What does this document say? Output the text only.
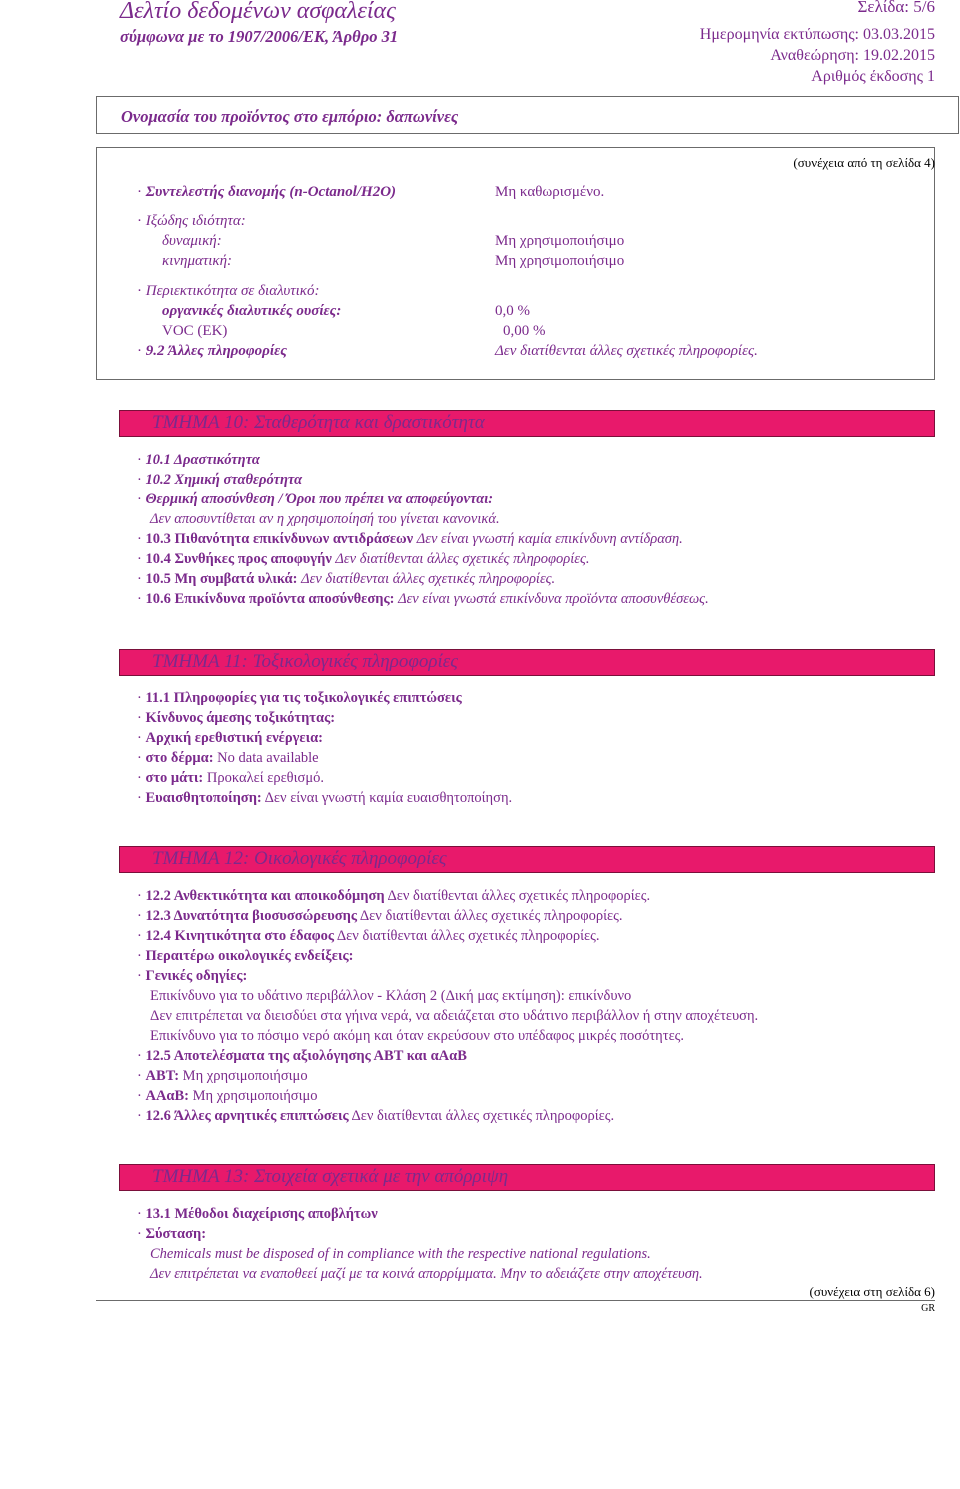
Δελτίο δεδομένων ασφαλείας
σύμφωνα με το 1907/2006/ΕΚ, Άρθρο 31
Σελίδα: 5/6
Ημερομηνία εκτύπωσης: 03.03.2015
Αναθεώρηση: 19.02.2015
Αριθμός έκδοσης 1
Ονομασία του προϊόντος στο εμπόριο: δαπωνίνες
(συνέχεια από τη σελίδα 4)
· Συντελεστής διανομής (n-Octanol/H2O)	Μη καθωρισμένο.
· Ιξώδης ιδιότητα:
δυναμική:	Μη χρησιμοποιήσιμο
κινηματική:	Μη χρησιμοποιήσιμο
· Περιεκτικότητα σε διαλυτικό:
οργανικές διαλυτικές ουσίες:	0,0 %
VOC (ΕΚ)	0,00 %
· 9.2 Άλλες πληροφορίες	Δεν διατίθενται άλλες σχετικές πληροφορίες.
ΤΜΗΜΑ 10: Σταθερότητα και δραστικότητα
· 10.1 Δραστικότητα
· 10.2 Χημική σταθερότητα
· Θερμική αποσύνθεση / Όροι που πρέπει να αποφεύγονται:
Δεν αποσυντίθεται αν η χρησιμοποίησή του γίνεται κανονικά.
· 10.3 Πιθανότητα επικίνδυνων αντιδράσεων Δεν είναι γνωστή καμία επικίνδυνη αντίδραση.
· 10.4 Συνθήκες προς αποφυγήν Δεν διατίθενται άλλες σχετικές πληροφορίες.
· 10.5 Μη συμβατά υλικά: Δεν διατίθενται άλλες σχετικές πληροφορίες.
· 10.6 Επικίνδυνα προϊόντα αποσύνθεσης: Δεν είναι γνωστά επικίνδυνα προϊόντα αποσυνθέσεως.
ΤΜΗΜΑ 11: Τοξικολογικές πληροφορίες
· 11.1 Πληροφορίες για τις τοξικολογικές επιπτώσεις
· Κίνδυνος άμεσης τοξικότητας:
· Αρχική ερεθιστική ενέργεια:
· στο δέρμα: No data available
· στο μάτι: Προκαλεί ερεθισμό.
· Ευαισθητοποίηση: Δεν είναι γνωστή καμία ευαισθητοποίηση.
ΤΜΗΜΑ 12: Οικολογικές πληροφορίες
· 12.2 Ανθεκτικότητα και αποικοδόμηση Δεν διατίθενται άλλες σχετικές πληροφορίες.
· 12.3 Δυνατότητα βιοσυσσώρευσης Δεν διατίθενται άλλες σχετικές πληροφορίες.
· 12.4 Κινητικότητα στο έδαφος Δεν διατίθενται άλλες σχετικές πληροφορίες.
· Περαιτέρω οικολογικές ενδείξεις:
· Γενικές οδηγίες:
Επικίνδυνο για το υδάτινο περιβάλλον - Κλάση 2 (Δική μας εκτίμηση): επικίνδυνο
Δεν επιτρέπεται να διεισδύει στα γήινα νερά, να αδειάζεται στο υδάτινο περιβάλλον ή στην αποχέτευση.
Επικίνδυνο για το πόσιμο νερό ακόμη και όταν εκρεύσουν στο υπέδαφος μικρές ποσότητες.
· 12.5 Αποτελέσματα της αξιολόγησης ΑΒΤ και αΑαΒ
· ΑΒΤ: Μη χρησιμοποιήσιμο
· ΑΑαΒ: Μη χρησιμοποιήσιμο
· 12.6 Άλλες αρνητικές επιπτώσεις Δεν διατίθενται άλλες σχετικές πληροφορίες.
ΤΜΗΜΑ 13: Στοιχεία σχετικά με την απόρριψη
· 13.1 Μέθοδοι διαχείρισης αποβλήτων
· Σύσταση:
Chemicals must be disposed of in compliance with the respective national regulations.
Δεν επιτρέπεται να εναποθεεί μαζί με τα κοινά απορρίμματα. Μην το αδειάζετε στην αποχέτευση.
(συνέχεια στη σελίδα 6)
GR
